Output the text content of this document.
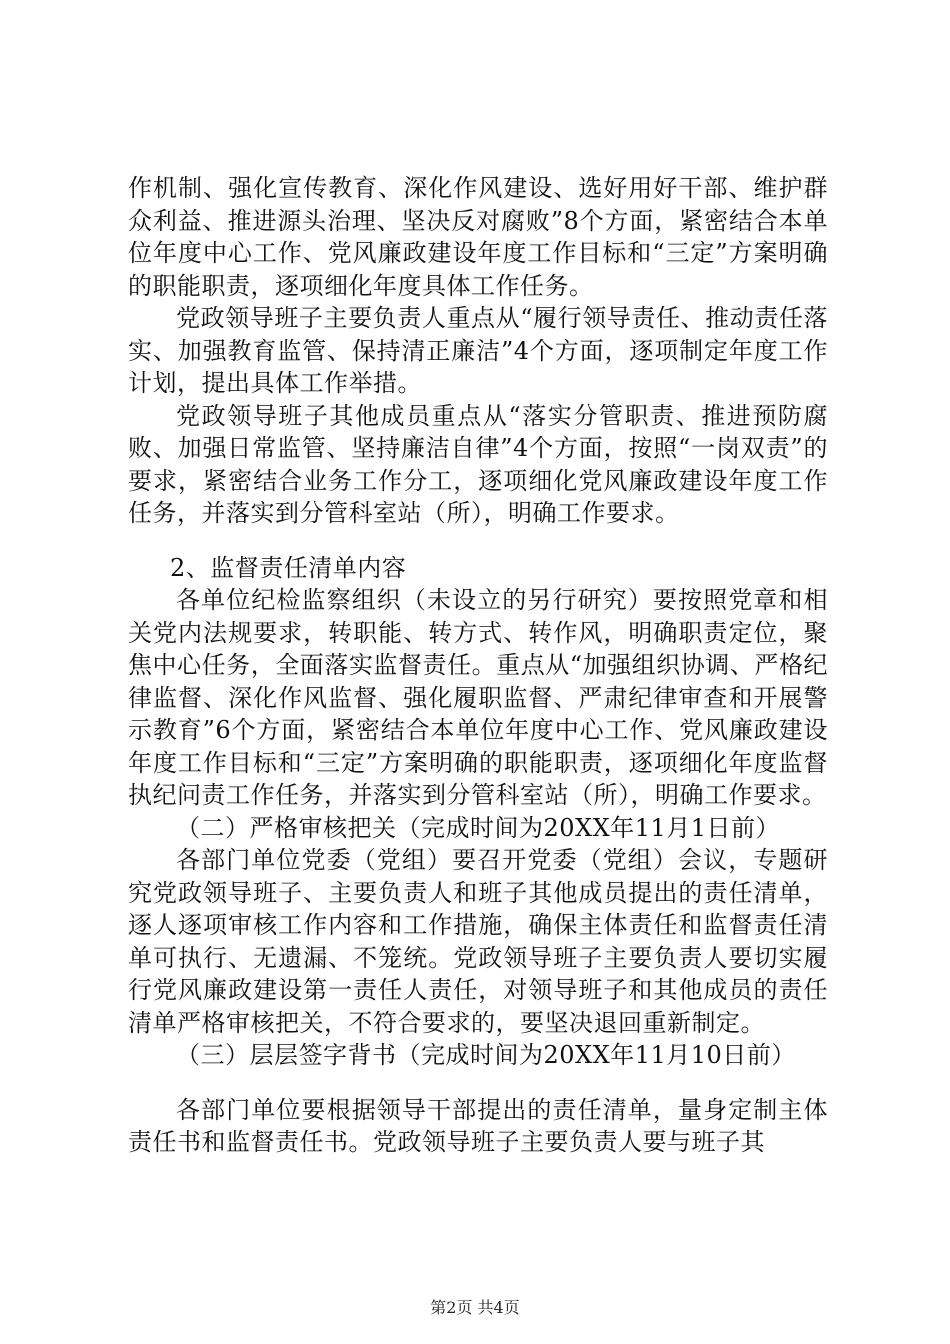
作机制、强化宣传教育、深化作风建设、选好用好干部、维护群众利益、推进源头治理、坚决反对腐败”8个方面，紧密结合本单位年度中心工作、党风廉政建设年度工作目标和“三定”方案明确的职能职责，逐项细化年度具体工作任务。

党政领导班子主要负责人重点从“履行领导责任、推动责任落实、加强教育监管、保持清正廉洁”4个方面，逐项制定年度工作计划，提出具体工作举措。

党政领导班子其他成员重点从“落实分管职责、推进预防腐败、加强日常监管、坚持廉洁自律”4个方面，按照“一岗双责”的要求，紧密结合业务工作分工，逐项细化党风廉政建设年度工作任务，并落实到分管科室站（所），明确工作要求。

2、监督责任清单内容

各单位纪检监察组织（未设立的另行研究）要按照党章和相关党内法规要求，转职能、转方式、转作风，明确职责定位，聚焦中心任务，全面落实监督责任。重点从“加强组织协调、严格纪律监督、深化作风监督、强化履职监督、严肃纪律审查和开展警示教育”6个方面，紧密结合本单位年度中心工作、党风廉政建设年度工作目标和“三定”方案明确的职能职责，逐项细化年度监督执纪问责工作任务，并落实到分管科室站（所），明确工作要求。

（二）严格审核把关（完成时间为20XX年11月1日前）

各部门单位党委（党组）要召开党委（党组）会议，专题研究党政领导班子、主要负责人和班子其他成员提出的责任清单，逐人逐项审核工作内容和工作措施，确保主体责任和监督责任清单可执行、无遗漏、不笼统。党政领导班子主要负责人要切实履行党风廉政建设第一责任人责任，对领导班子和其他成员的责任清单严格审核把关，不符合要求的，要坚决退回重新制定。

（三）层层签字背书（完成时间为20XX年11月10日前）

各部门单位要根据领导干部提出的责任清单，量身定制主体责任书和监督责任书。党政领导班子主要负责人要与班子其

第2页 共4页
